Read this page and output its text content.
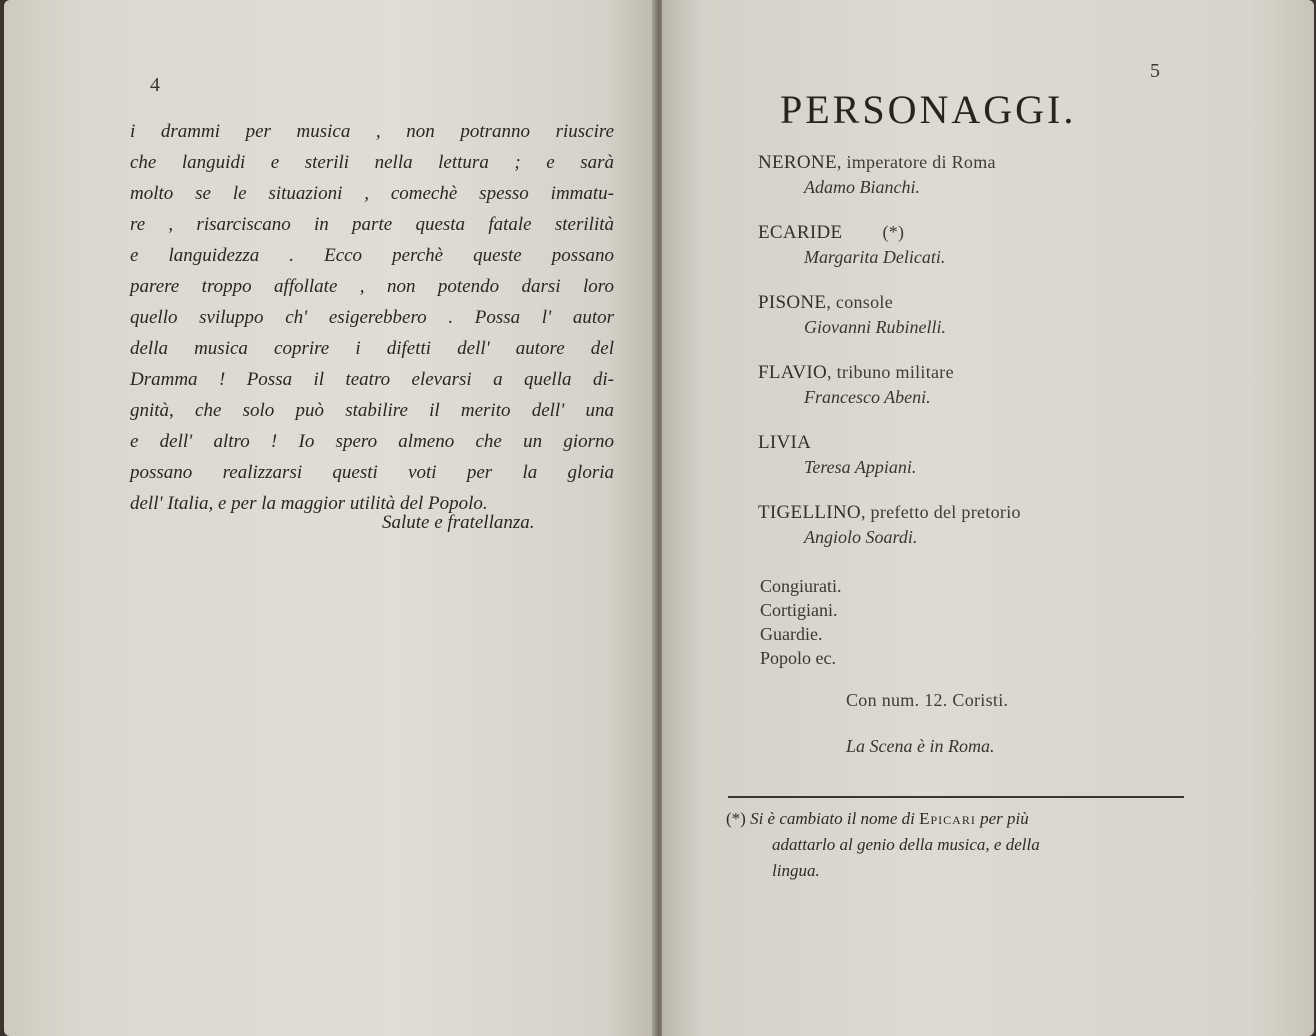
4
i drammi per musica , non potranno riuscire
che languidi e sterili nella lettura ; e sarà
molto se le situazioni , comechè spesso immatu-
re , risarciscano in parte questa fatale sterilità
e languidezza . Ecco perchè queste possano
parere troppo affollate , non potendo darsi loro
quello sviluppo ch' esigerebbero . Possa l' autor
della musica coprire i difetti dell' autore del
Dramma ! Possa il teatro elevarsi a quella di-
gnità, che solo può stabilire il merito dell' una
e dell' altro ! Io spero almeno che un giorno
possano realizzarsi questi voti per la gloria
dell' Italia, e per la maggior utilità del Popolo.
Salute e fratellanza.
5
PERSONAGGI.
NERONE, imperatore di Roma
Adamo Bianchi.
ECARIDE (*)
Margarita Delicati.
PISONE, console
Giovanni Rubinelli.
FLAVIO, tribuno militare
Francesco Abeni.
LIVIA
Teresa Appiani.
TIGELLINO, prefetto del pretorio
Angiolo Soardi.
Congiurati.
Cortigiani.
Guardie.
Popolo ec.
Con num. 12. Coristi.
La Scena è in Roma.
(*) Si è cambiato il nome di Epicari per più
adattarlo al genio della musica, e della
lingua.
